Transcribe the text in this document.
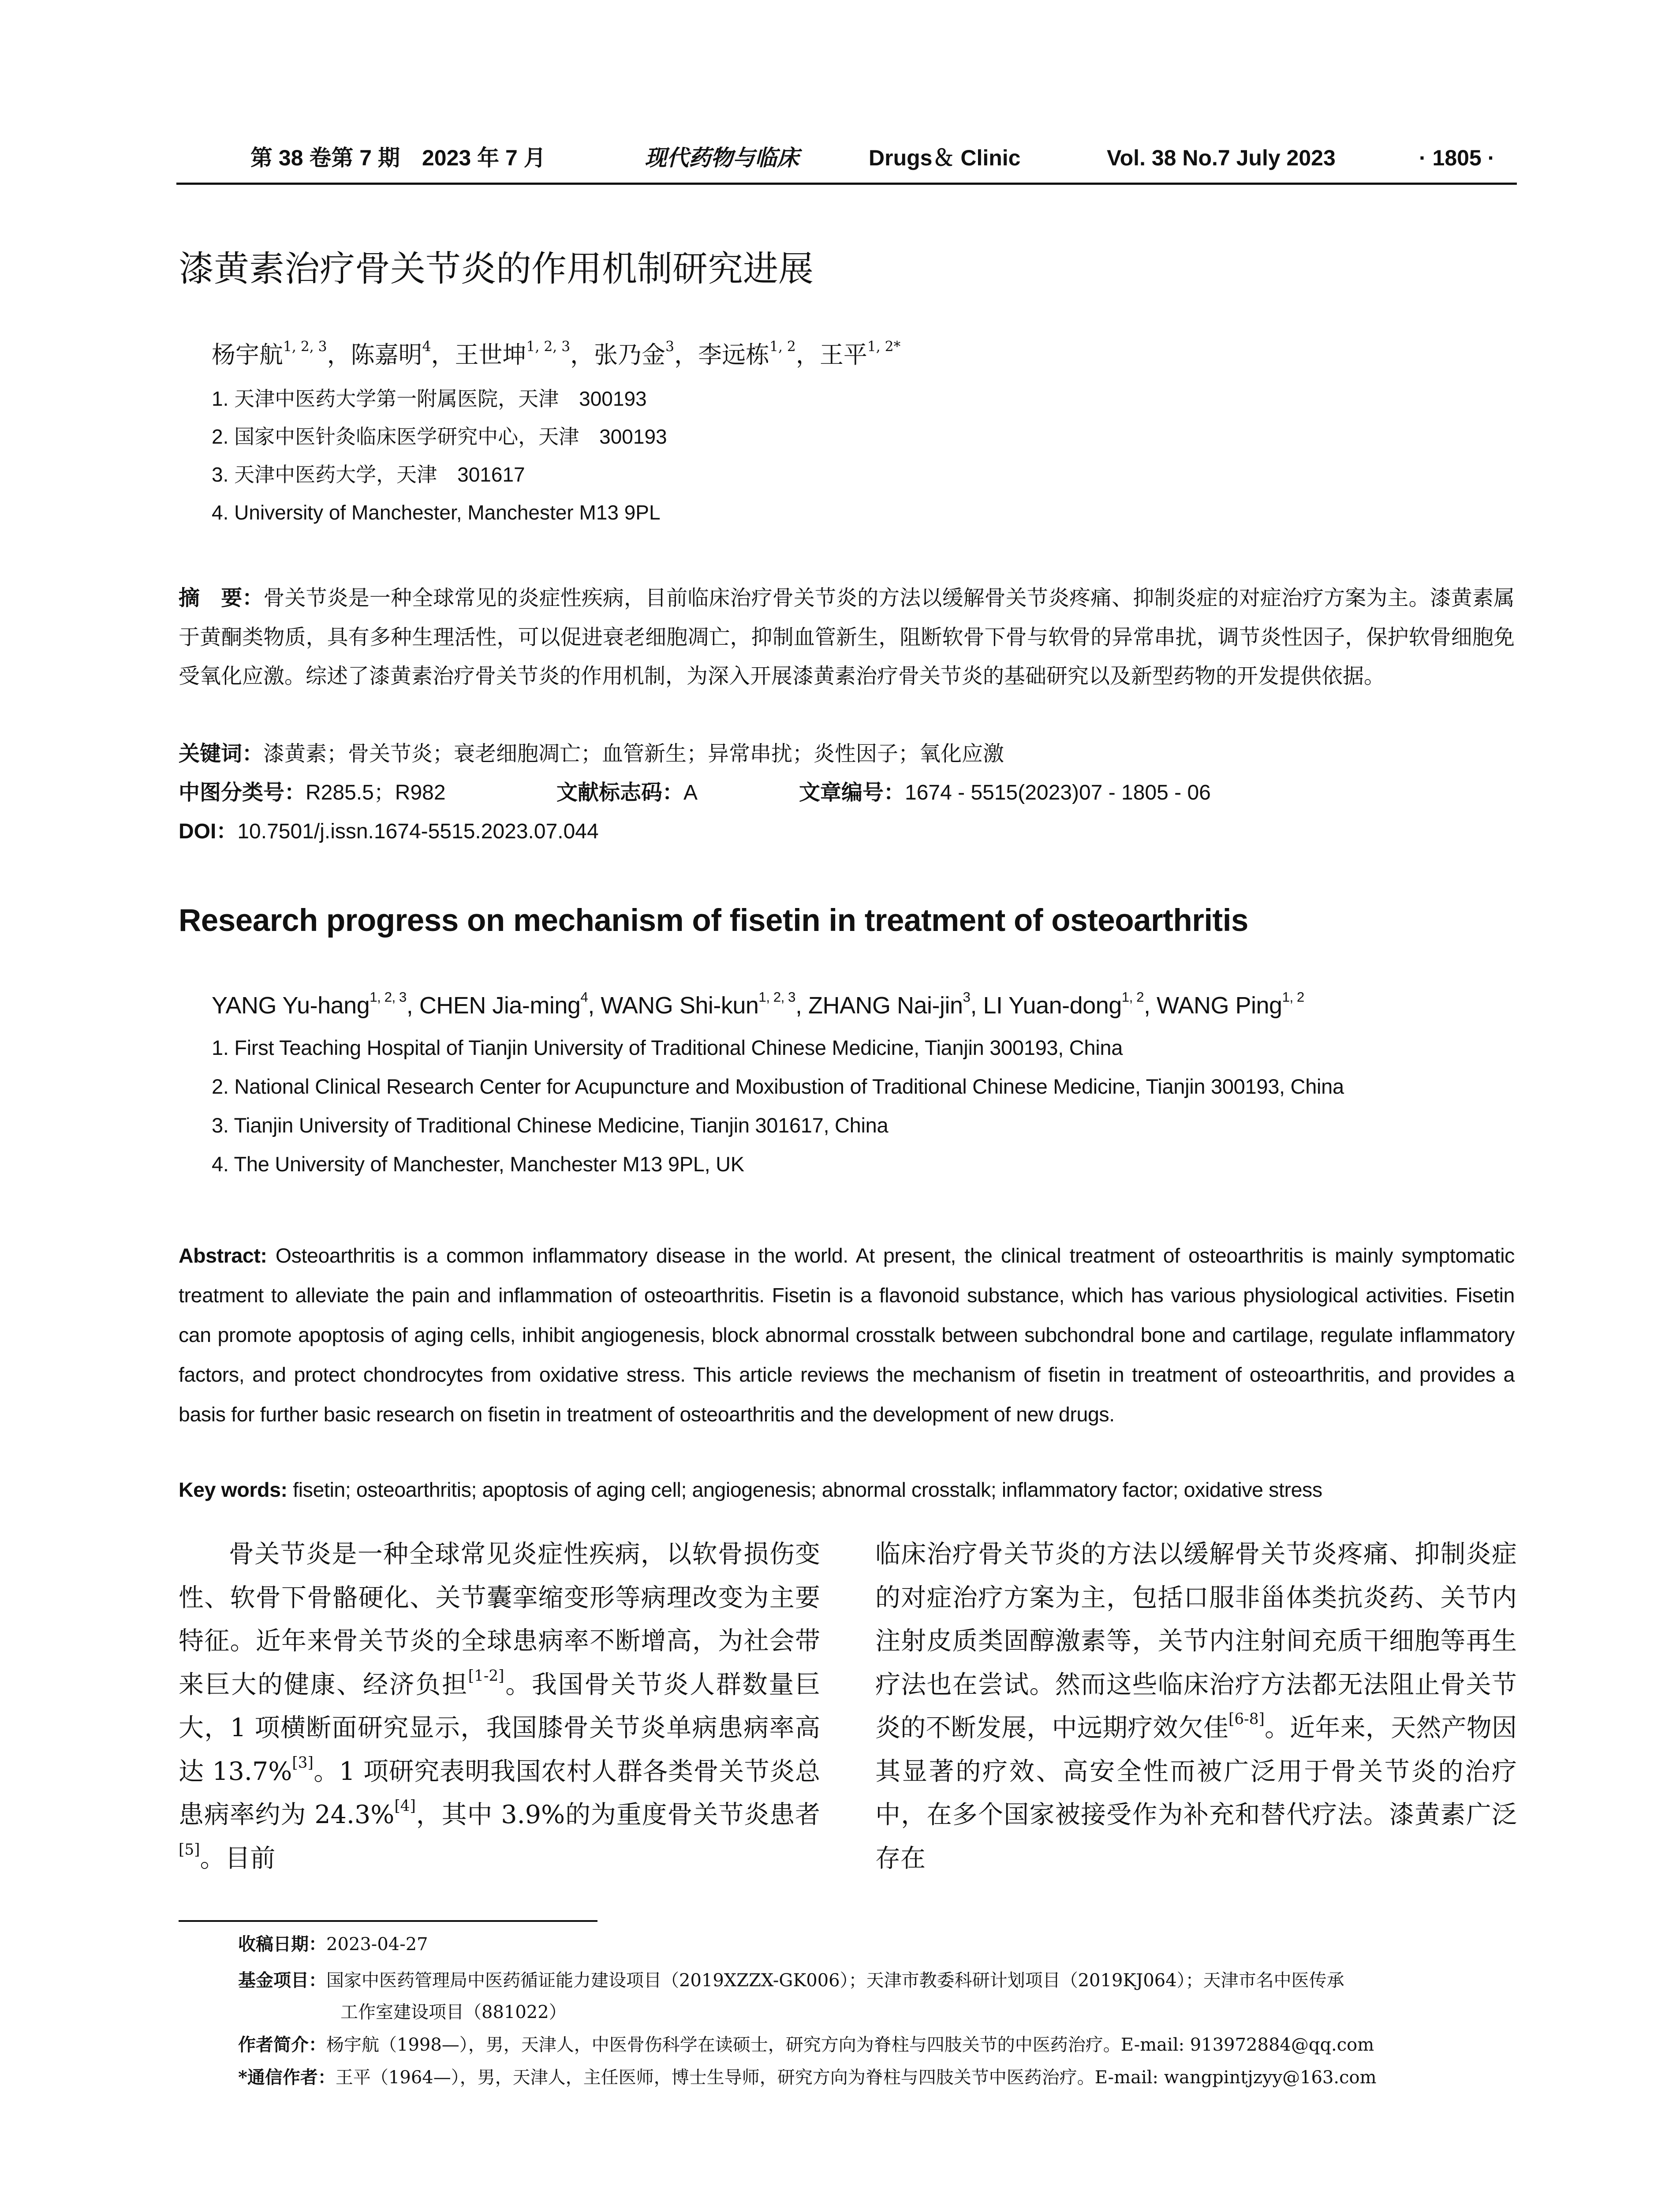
第 38 卷第 7 期　2023 年 7 月	现代药物与临床	Drugs＆ Clinic	Vol. 38 No.7 July 2023	· 1805 ·
漆黄素治疗骨关节炎的作用机制研究进展
杨宇航$^{1, 2, 3}$，陈嘉明$^4$，王世坤$^{1, 2, 3}$，张乃金$^3$，李远栋$^{1, 2}$，王平$^{1, 2*}$
1. 天津中医药大学第一附属医院，天津　300193
2. 国家中医针灸临床医学研究中心，天津　300193
3. 天津中医药大学，天津　301617
4. University of Manchester, Manchester M13 9PL
摘　要：骨关节炎是一种全球常见的炎症性疾病，目前临床治疗骨关节炎的方法以缓解骨关节炎疼痛、抑制炎症的对症治疗方案为主。漆黄素属于黄酮类物质，具有多种生理活性，可以促进衰老细胞凋亡，抑制血管新生，阻断软骨下骨与软骨的异常串扰，调节炎性因子，保护软骨细胞免受氧化应激。综述了漆黄素治疗骨关节炎的作用机制，为深入开展漆黄素治疗骨关节炎的基础研究以及新型药物的开发提供依据。
关键词：漆黄素；骨关节炎；衰老细胞凋亡；血管新生；异常串扰；炎性因子；氧化应激
中图分类号：R285.5；R982	文献标志码：A	文章编号：1674 - 5515(2023)07 - 1805 - 06
DOI：10.7501/j.issn.1674-5515.2023.07.044
Research progress on mechanism of fisetin in treatment of osteoarthritis
YANG Yu-hang$^{1, 2, 3}$, CHEN Jia-ming$^4$, WANG Shi-kun$^{1, 2, 3}$, ZHANG Nai-jin$^3$, LI Yuan-dong$^{1, 2}$, WANG Ping$^{1, 2}$
1. First Teaching Hospital of Tianjin University of Traditional Chinese Medicine, Tianjin 300193, China
2. National Clinical Research Center for Acupuncture and Moxibustion of Traditional Chinese Medicine, Tianjin 300193, China
3. Tianjin University of Traditional Chinese Medicine, Tianjin 301617, China
4. The University of Manchester, Manchester M13 9PL, UK
Abstract: Osteoarthritis is a common inflammatory disease in the world. At present, the clinical treatment of osteoarthritis is mainly symptomatic treatment to alleviate the pain and inflammation of osteoarthritis. Fisetin is a flavonoid substance, which has various physiological activities. Fisetin can promote apoptosis of aging cells, inhibit angiogenesis, block abnormal crosstalk between subchondral bone and cartilage, regulate inflammatory factors, and protect chondrocytes from oxidative stress. This article reviews the mechanism of fisetin in treatment of osteoarthritis, and provides a basis for further basic research on fisetin in treatment of osteoarthritis and the development of new drugs.
Key words: fisetin; osteoarthritis; apoptosis of aging cell; angiogenesis; abnormal crosstalk; inflammatory factor; oxidative stress
骨关节炎是一种全球常见炎症性疾病，以软骨损伤变性、软骨下骨骼硬化、关节囊挛缩变形等病理改变为主要特征。近年来骨关节炎的全球患病率不断增高，为社会带来巨大的健康、经济负担[1-2]。我国骨关节炎人群数量巨大，1 项横断面研究显示，我国膝骨关节炎单病患病率高达 13.7%[3]。1 项研究表明我国农村人群各类骨关节炎总患病率约为 24.3%[4]，其中 3.9%的为重度骨关节炎患者[5]。目前
临床治疗骨关节炎的方法以缓解骨关节炎疼痛、抑制炎症的对症治疗方案为主，包括口服非甾体类抗炎药、关节内注射皮质类固醇激素等，关节内注射间充质干细胞等再生疗法也在尝试。然而这些临床治疗方法都无法阻止骨关节炎的不断发展，中远期疗效欠佳[6-8]。近年来，天然产物因其显著的疗效、高安全性而被广泛用于骨关节炎的治疗中，在多个国家被接受作为补充和替代疗法。漆黄素广泛存在
收稿日期：2023-04-27
基金项目：国家中医药管理局中医药循证能力建设项目（2019XZZX-GK006）；天津市教委科研计划项目（2019KJ064）；天津市名中医传承
工作室建设项目（881022）
作者简介：杨宇航（1998—），男，天津人，中医骨伤科学在读硕士，研究方向为脊柱与四肢关节的中医药治疗。E-mail: 913972884@qq.com
*通信作者：王平（1964—），男，天津人，主任医师，博士生导师，研究方向为脊柱与四肢关节中医药治疗。E-mail: wangpintjzyy@163.com
